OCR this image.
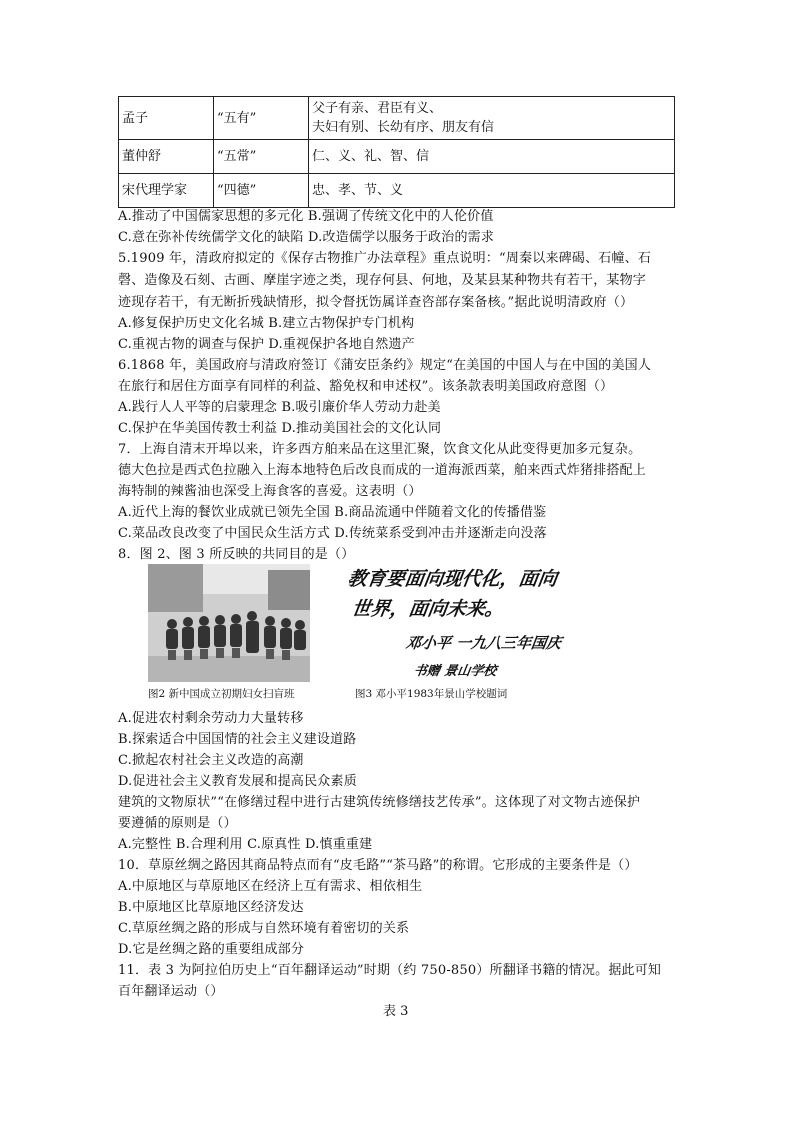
孟子	“五有”	父子有亲、君臣有义、
夫妇有别、长幼有序、朋友有信

董仲舒	“五常”	仁、义、礼、智、信
宋代理学家	“四德”	忠、孝、节、义
A.推动了中国儒家思想的多元化 B.强调了传统文化中的人伦价值
C.意在弥补传统儒学文化的缺陷 D.改造儒学以服务于政治的需求
5.1909 年，清政府拟定的《保存古物推广办法章程》重点说明：“周秦以来碑碣、石幢、石
磬、造像及石刻、古画、摩崖字迹之类，现存何县、何地，及某县某种物共有若干，某物字
迹现存若干，有无断折残缺情形，拟令督抚饬属详查咨部存案备核。”据此说明清政府（）
A.修复保护历史文化名城 B.建立古物保护专门机构
C.重视古物的调查与保护 D.重视保护各地自然遗产
6.1868 年，美国政府与清政府签订《蒲安臣条约》规定“在美国的中国人与在中国的美国人
在旅行和居住方面享有同样的利益、豁免权和申述权”。该条款表明美国政府意图（）
A.践行人人平等的启蒙理念 B.吸引廉价华人劳动力赴美
C.保护在华美国传教士利益 D.推动美国社会的文化认同
7．上海自清末开埠以来，许多西方舶来品在这里汇聚，饮食文化从此变得更加多元复杂。
德大色拉是西式色拉融入上海本地特色后改良而成的一道海派西菜，舶来西式炸猪排搭配上
海特制的辣酱油也深受上海食客的喜爱。这表明（）
A.近代上海的餐饮业成就已领先全国 B.商品流通中伴随着文化的传播借鉴
C.菜品改良改变了中国民众生活方式 D.传统菜系受到冲击并逐渐走向没落
8．图 2、图 3 所反映的共同目的是（）
图2 新中国成立初期妇女扫盲班
教育要面向现代化，面向
世界，面向未来。
邓小平 一九八三年国庆
书赠 景山学校
图3 邓小平1983年景山学校题词
A.促进农村剩余劳动力大量转移
B.探索适合中国国情的社会主义建设道路
C.掀起农村社会主义改造的高潮
D.促进社会主义教育发展和提高民众素质
建筑的文物原状”“在修缮过程中进行古建筑传统修缮技艺传承”。这体现了对文物古迹保护
要遵循的原则是（）
A.完整性 B.合理利用 C.原真性 D.慎重重建
10．草原丝绸之路因其商品特点而有“皮毛路”“茶马路”的称谓。它形成的主要条件是（）
A.中原地区与草原地区在经济上互有需求、相依相生
B.中原地区比草原地区经济发达
C.草原丝绸之路的形成与自然环境有着密切的关系
D.它是丝绸之路的重要组成部分
11．表 3 为阿拉伯历史上“百年翻译运动”时期（约 750-850）所翻译书籍的情况。据此可知
百年翻译运动（）
表 3
